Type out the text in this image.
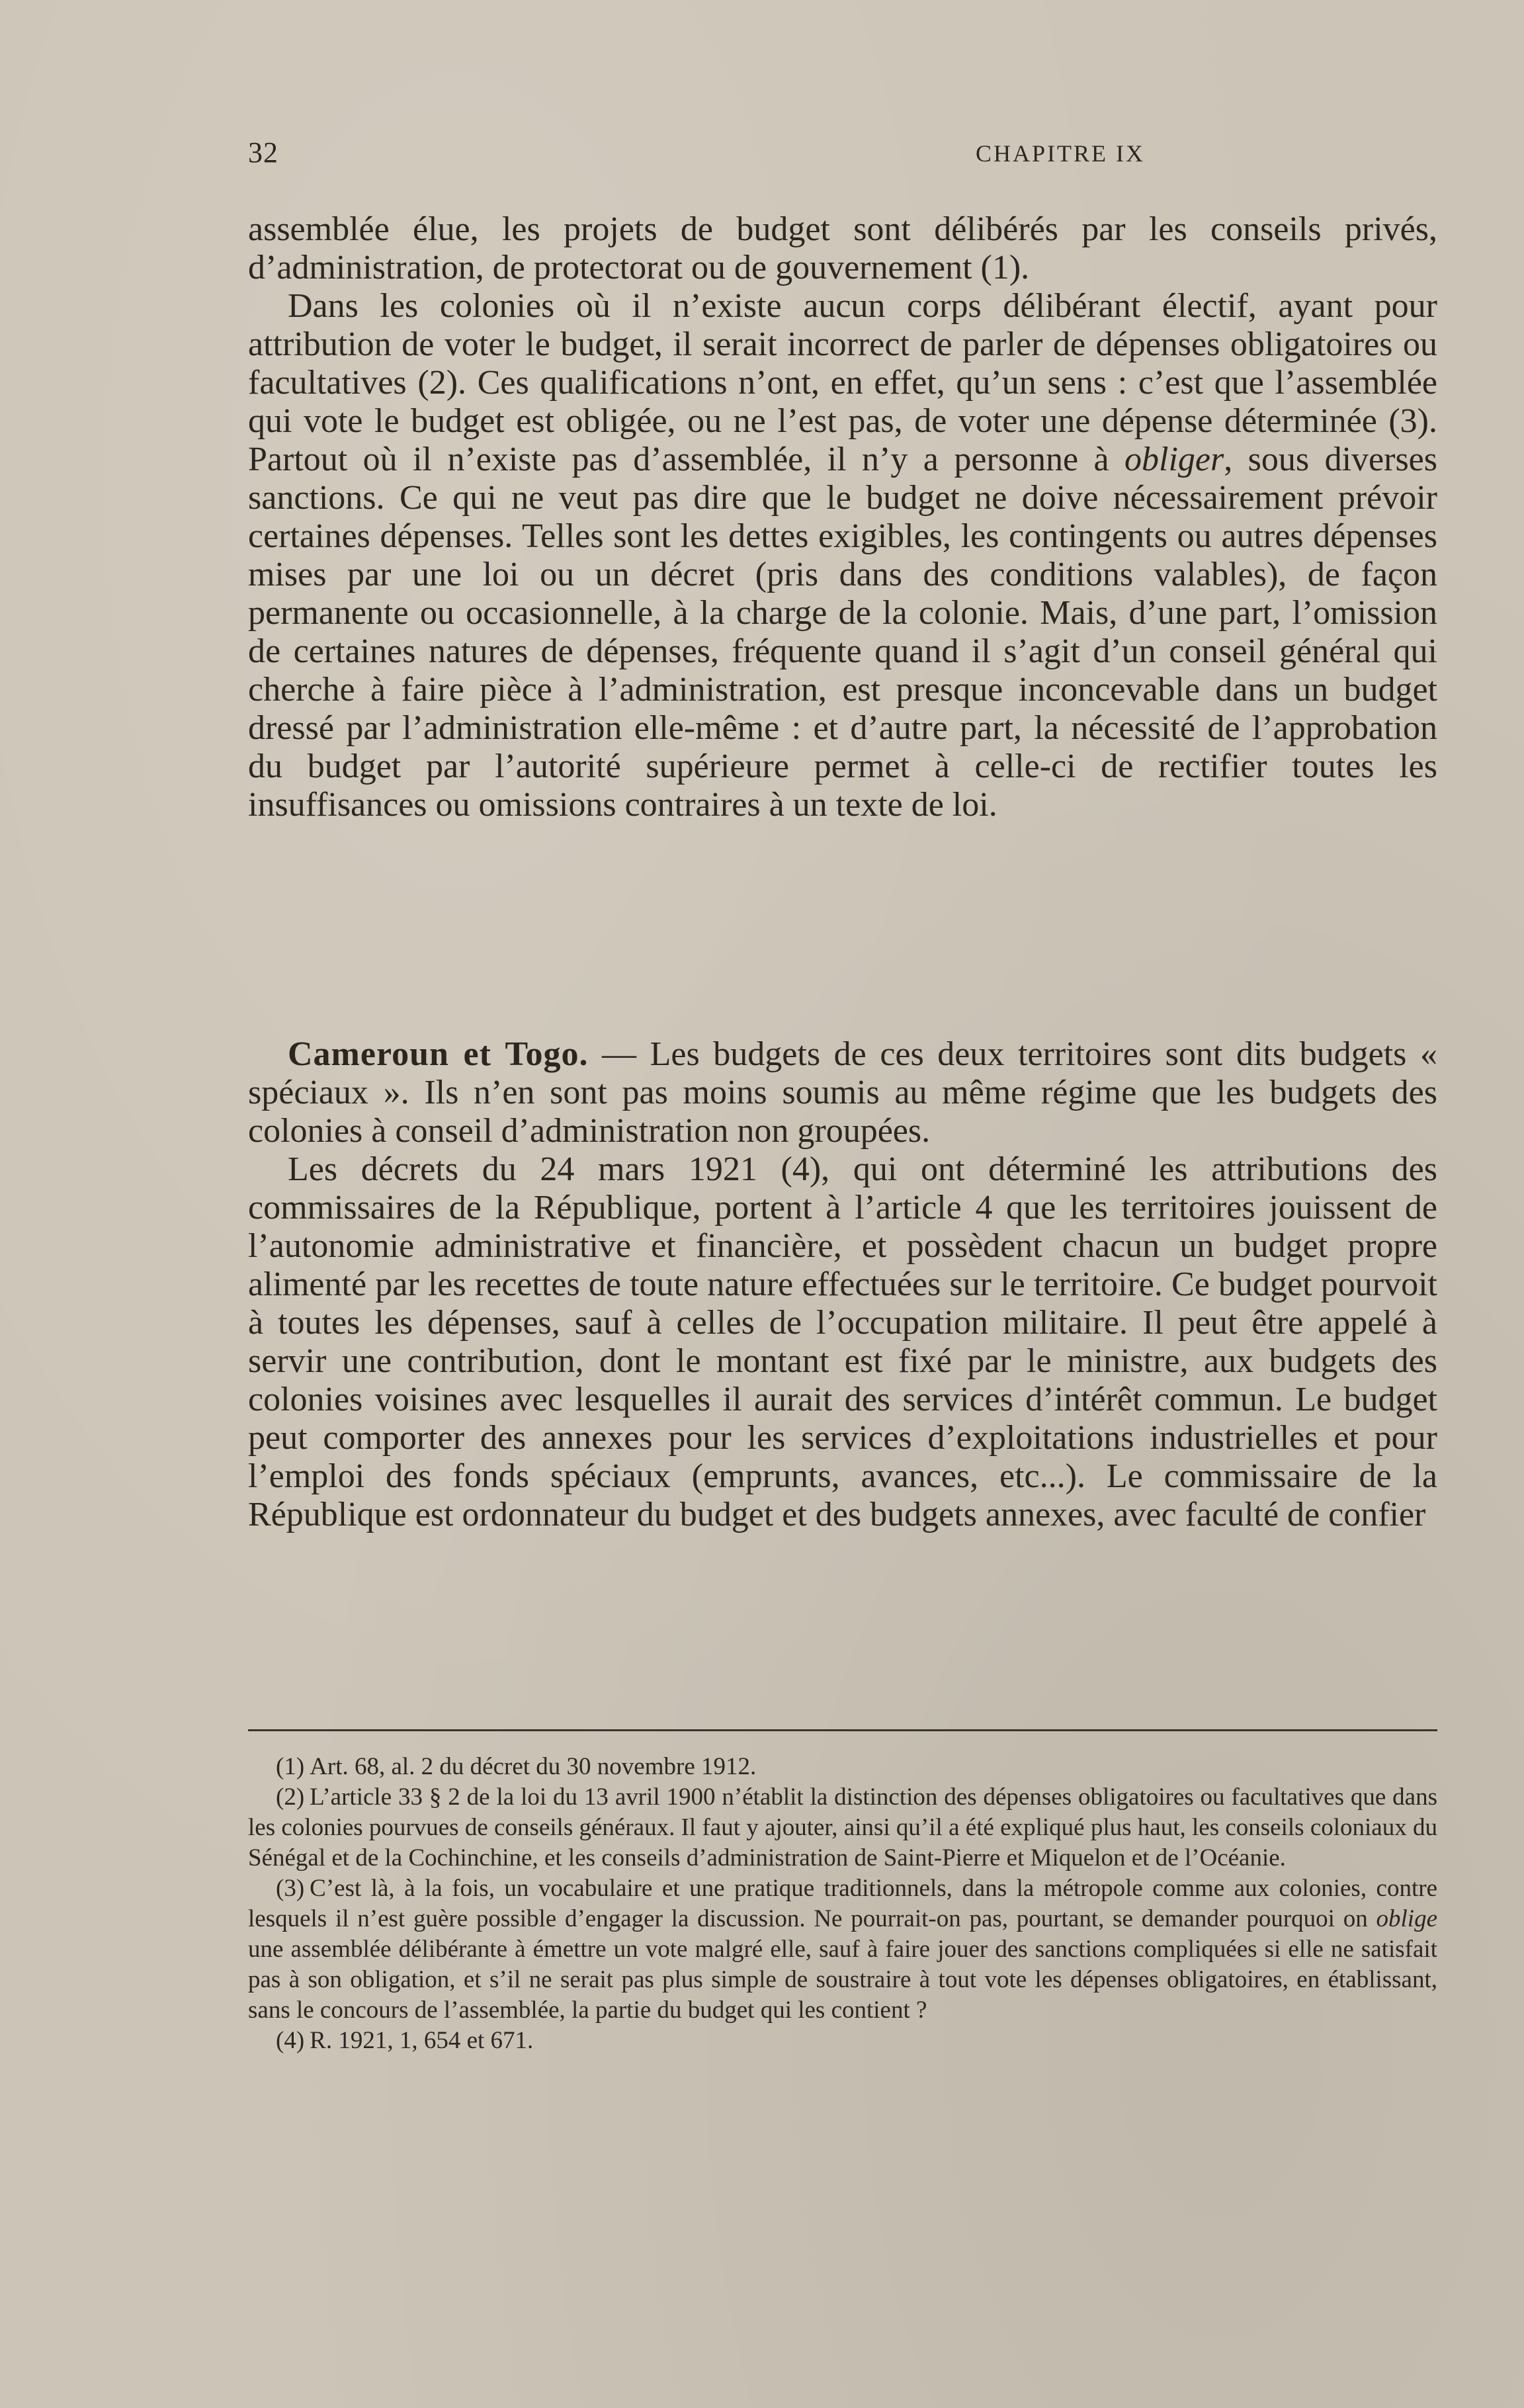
32	CHAPITRE IX

assemblée élue, les projets de budget sont délibérés par les conseils privés, d’administration, de protectorat ou de gouvernement (1).

Dans les colonies où il n’existe aucun corps délibérant électif, ayant pour attribution de voter le budget, il serait incorrect de parler de dépenses obligatoires ou facultatives (2). Ces qualifications n’ont, en effet, qu’un sens : c’est que l’assemblée qui vote le budget est obligée, ou ne l’est pas, de voter une dépense déterminée (3). Partout où il n’existe pas d’assemblée, il n’y a personne à obliger, sous diverses sanctions. Ce qui ne veut pas dire que le budget ne doive nécessairement prévoir certaines dépenses. Telles sont les dettes exigibles, les contingents ou autres dépenses mises par une loi ou un décret (pris dans des conditions valables), de façon permanente ou occasionnelle, à la charge de la colonie. Mais, d’une part, l’omission de certaines natures de dépenses, fréquente quand il s’agit d’un conseil général qui cherche à faire pièce à l’administration, est presque inconcevable dans un budget dressé par l’administration elle-même : et d’autre part, la nécessité de l’approbation du budget par l’autorité supérieure permet à celle-ci de rectifier toutes les insuffisances ou omissions contraires à un texte de loi.

Cameroun et Togo. — Les budgets de ces deux territoires sont dits budgets « spéciaux ». Ils n’en sont pas moins soumis au même régime que les budgets des colonies à conseil d’administration non groupées.

Les décrets du 24 mars 1921 (4), qui ont déterminé les attributions des commissaires de la République, portent à l’article 4 que les territoires jouissent de l’autonomie administrative et financière, et possèdent chacun un budget propre alimenté par les recettes de toute nature effectuées sur le territoire. Ce budget pourvoit à toutes les dépenses, sauf à celles de l’occupation militaire. Il peut être appelé à servir une contribution, dont le montant est fixé par le ministre, aux budgets des colonies voisines avec lesquelles il aurait des services d’intérêt commun. Le budget peut comporter des annexes pour les services d’exploitations industrielles et pour l’emploi des fonds spéciaux (emprunts, avances, etc...). Le commissaire de la République est ordonnateur du budget et des budgets annexes, avec faculté de confier

(1) Art. 68, al. 2 du décret du 30 novembre 1912.

(2) L’article 33 § 2 de la loi du 13 avril 1900 n’établit la distinction des dépenses obligatoires ou facultatives que dans les colonies pourvues de conseils généraux. Il faut y ajouter, ainsi qu’il a été expliqué plus haut, les conseils coloniaux du Sénégal et de la Cochinchine, et les conseils d’administration de Saint-Pierre et Miquelon et de l’Océanie.

(3) C’est là, à la fois, un vocabulaire et une pratique traditionnels, dans la métropole comme aux colonies, contre lesquels il n’est guère possible d’engager la discussion. Ne pourrait-on pas, pourtant, se demander pourquoi on oblige une assemblée délibérante à émettre un vote malgré elle, sauf à faire jouer des sanctions compliquées si elle ne satisfait pas à son obligation, et s’il ne serait pas plus simple de soustraire à tout vote les dépenses obligatoires, en établissant, sans le concours de l’assemblée, la partie du budget qui les contient ?

(4) R. 1921, 1, 654 et 671.
